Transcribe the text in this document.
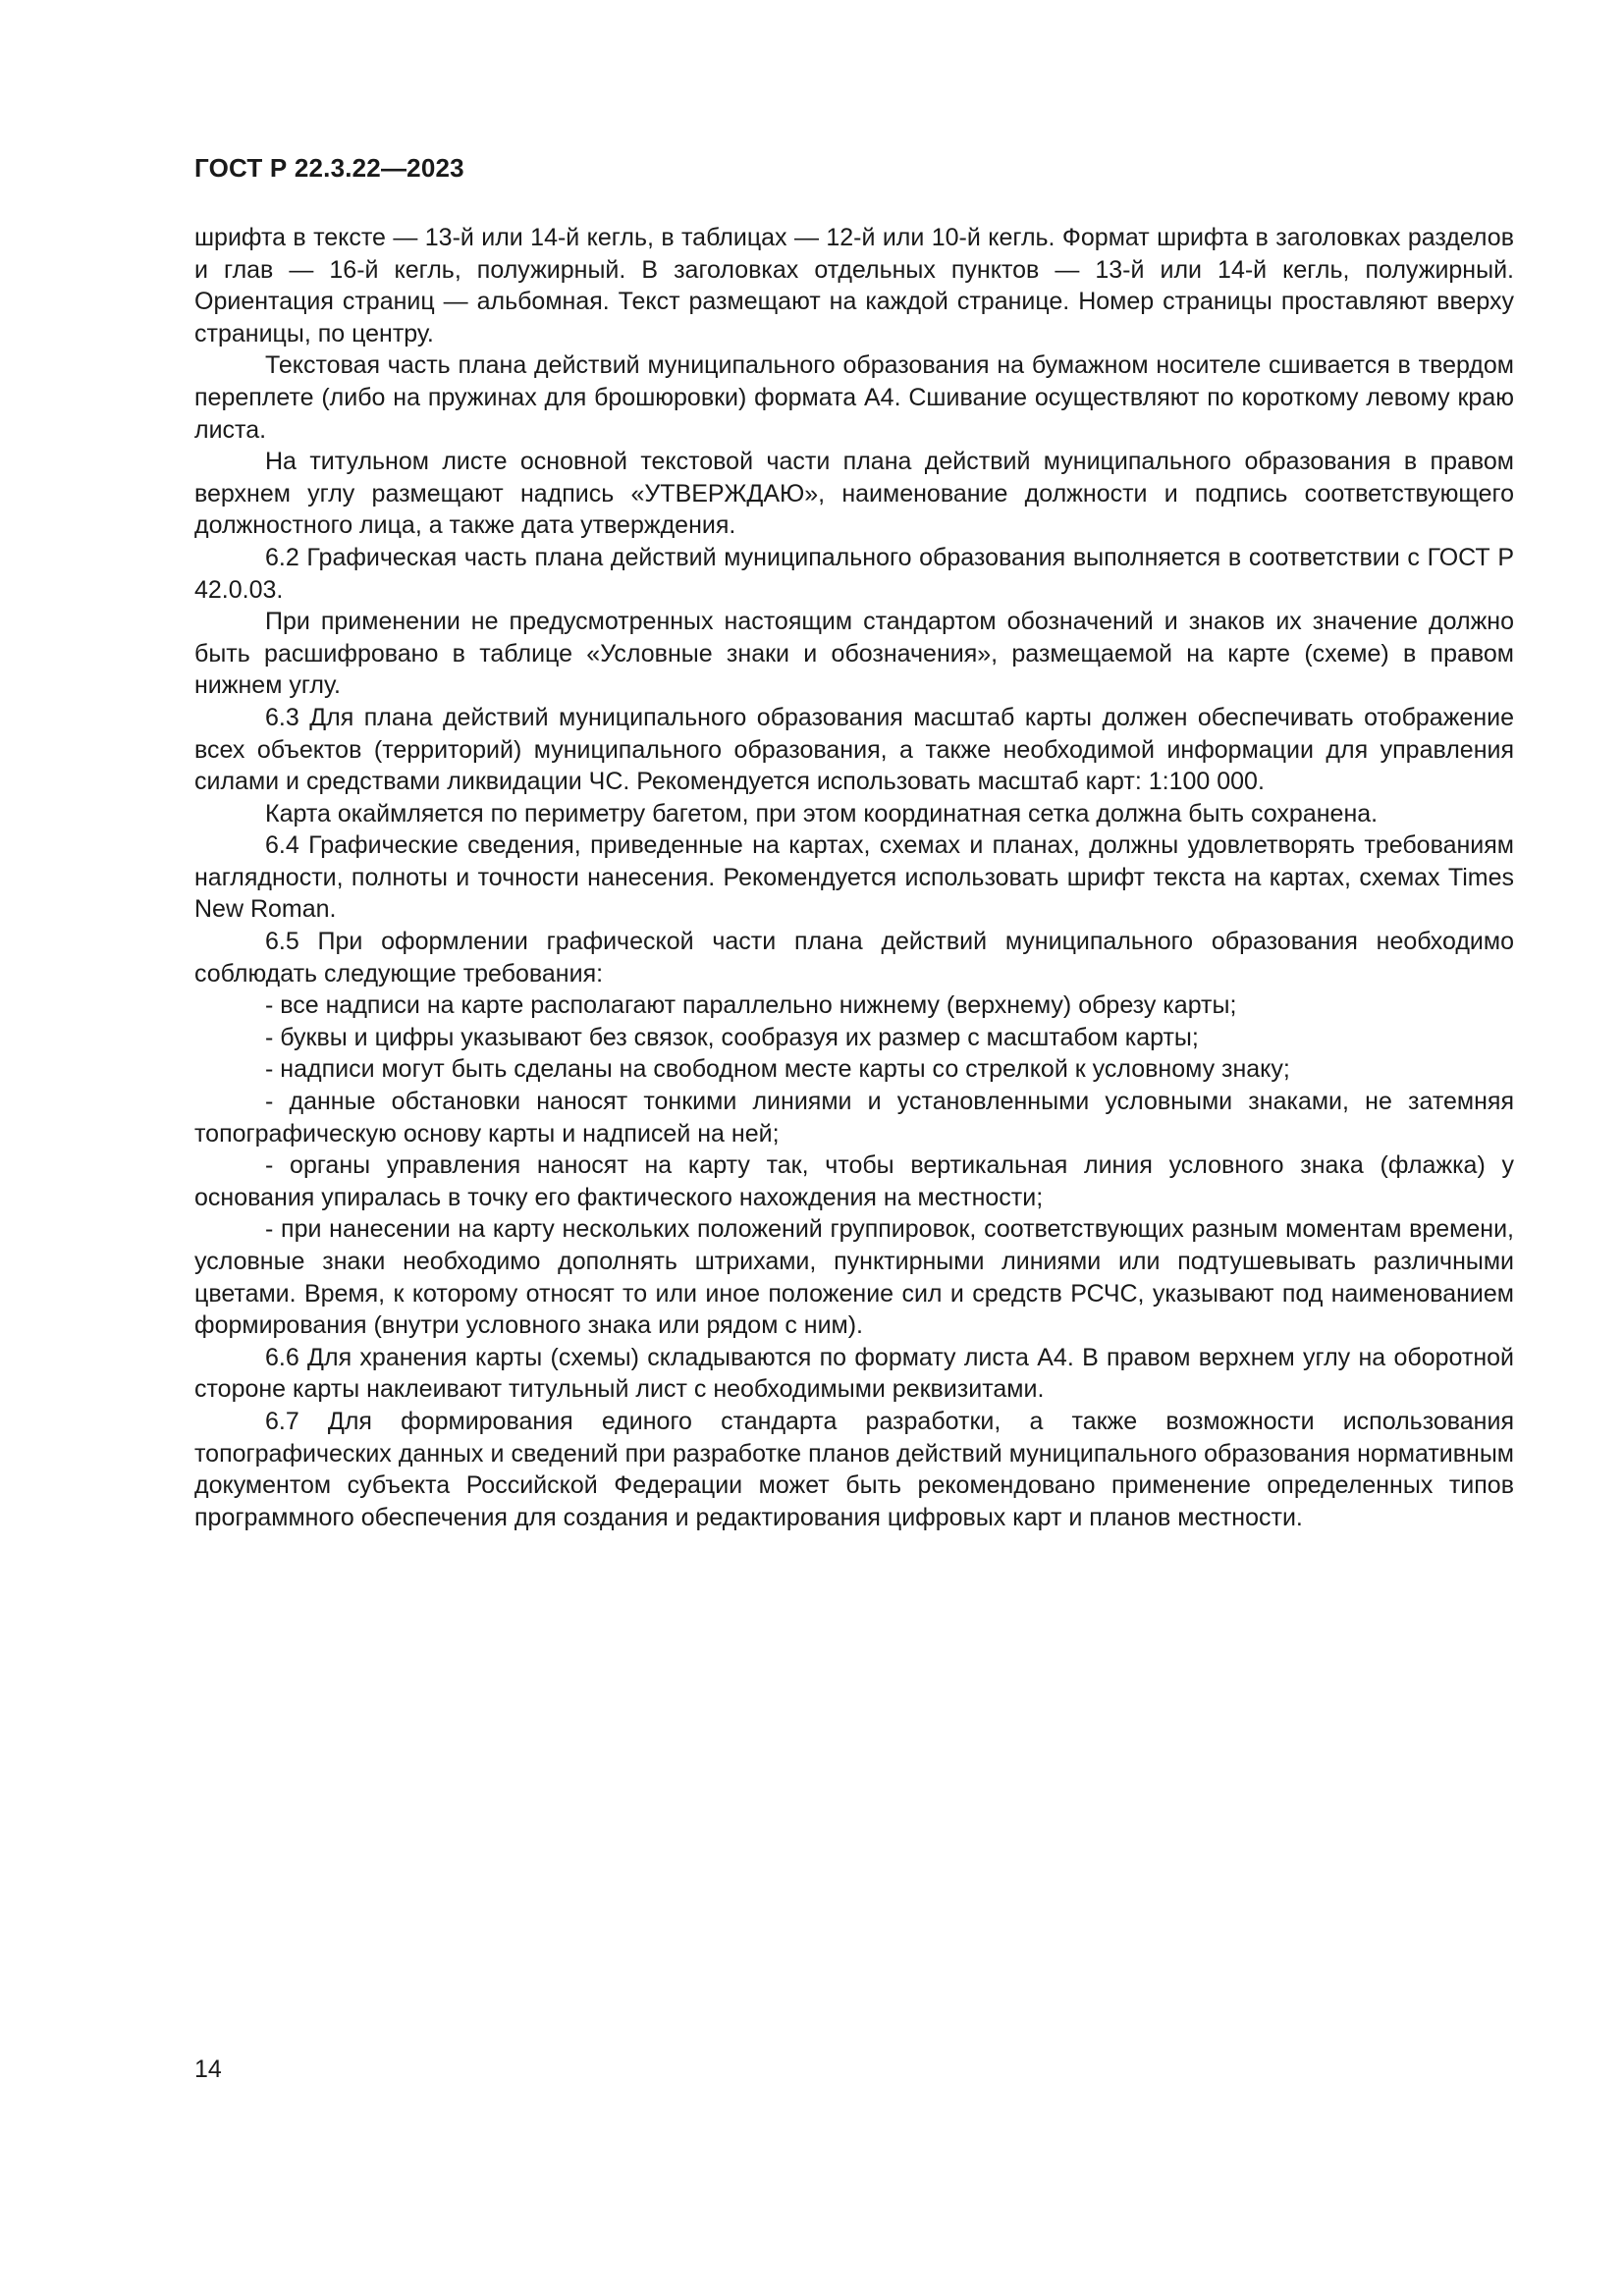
ГОСТ Р 22.3.22—2023

шрифта в тексте — 13-й или 14-й кегль, в таблицах — 12-й или 10-й кегль. Формат шрифта в заголовках разделов и глав — 16-й кегль, полужирный. В заголовках отдельных пунктов — 13-й или 14-й кегль, полужирный. Ориентация страниц — альбомная. Текст размещают на каждой странице. Номер страницы проставляют вверху страницы, по центру.

Текстовая часть плана действий муниципального образования на бумажном носителе сшивается в твердом переплете (либо на пружинах для брошюровки) формата А4. Сшивание осуществляют по короткому левому краю листа.

На титульном листе основной текстовой части плана действий муниципального образования в правом верхнем углу размещают надпись «УТВЕРЖДАЮ», наименование должности и подпись соответствующего должностного лица, а также дата утверждения.

6.2 Графическая часть плана действий муниципального образования выполняется в соответствии с ГОСТ Р 42.0.03.

При применении не предусмотренных настоящим стандартом обозначений и знаков их значение должно быть расшифровано в таблице «Условные знаки и обозначения», размещаемой на карте (схеме) в правом нижнем углу.

6.3 Для плана действий муниципального образования масштаб карты должен обеспечивать отображение всех объектов (территорий) муниципального образования, а также необходимой информации для управления силами и средствами ликвидации ЧС. Рекомендуется использовать масштаб карт: 1:100 000.

Карта окаймляется по периметру багетом, при этом координатная сетка должна быть сохранена.

6.4 Графические сведения, приведенные на картах, схемах и планах, должны удовлетворять требованиям наглядности, полноты и точности нанесения. Рекомендуется использовать шрифт текста на картах, схемах Times New Roman.

6.5 При оформлении графической части плана действий муниципального образования необходимо соблюдать следующие требования:

- все надписи на карте располагают параллельно нижнему (верхнему) обрезу карты;

- буквы и цифры указывают без связок, сообразуя их размер с масштабом карты;

- надписи могут быть сделаны на свободном месте карты со стрелкой к условному знаку;

- данные обстановки наносят тонкими линиями и установленными условными знаками, не затемняя топографическую основу карты и надписей на ней;

- органы управления наносят на карту так, чтобы вертикальная линия условного знака (флажка) у основания упиралась в точку его фактического нахождения на местности;

- при нанесении на карту нескольких положений группировок, соответствующих разным моментам времени, условные знаки необходимо дополнять штрихами, пунктирными линиями или подтушевывать различными цветами. Время, к которому относят то или иное положение сил и средств РСЧС, указывают под наименованием формирования (внутри условного знака или рядом с ним).

6.6 Для хранения карты (схемы) складываются по формату листа А4. В правом верхнем углу на оборотной стороне карты наклеивают титульный лист с необходимыми реквизитами.

6.7 Для формирования единого стандарта разработки, а также возможности использования топографических данных и сведений при разработке планов действий муниципального образования нормативным документом субъекта Российской Федерации может быть рекомендовано применение определенных типов программного обеспечения для создания и редактирования цифровых карт и планов местности.

14
